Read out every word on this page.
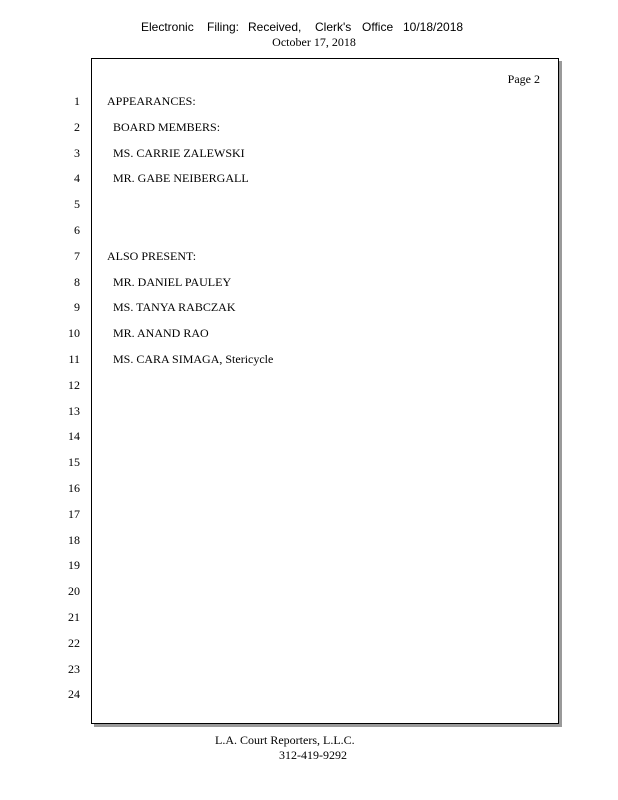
Electronic Filing: Received, Clerk's Office 10/18/2018
October 17, 2018
Page 2
1
2
3
4
5
6
7
8
9
10
11
12
13
14
15
16
17
18
19
20
21
22
23
24
APPEARANCES:
BOARD MEMBERS:
MS. CARRIE ZALEWSKI
MR. GABE NEIBERGALL
ALSO PRESENT:
MR. DANIEL PAULEY
MS. TANYA RABCZAK
MR. ANAND RAO
MS. CARA SIMAGA, Stericycle
L.A. Court Reporters, L.L.C.
312-419-9292
